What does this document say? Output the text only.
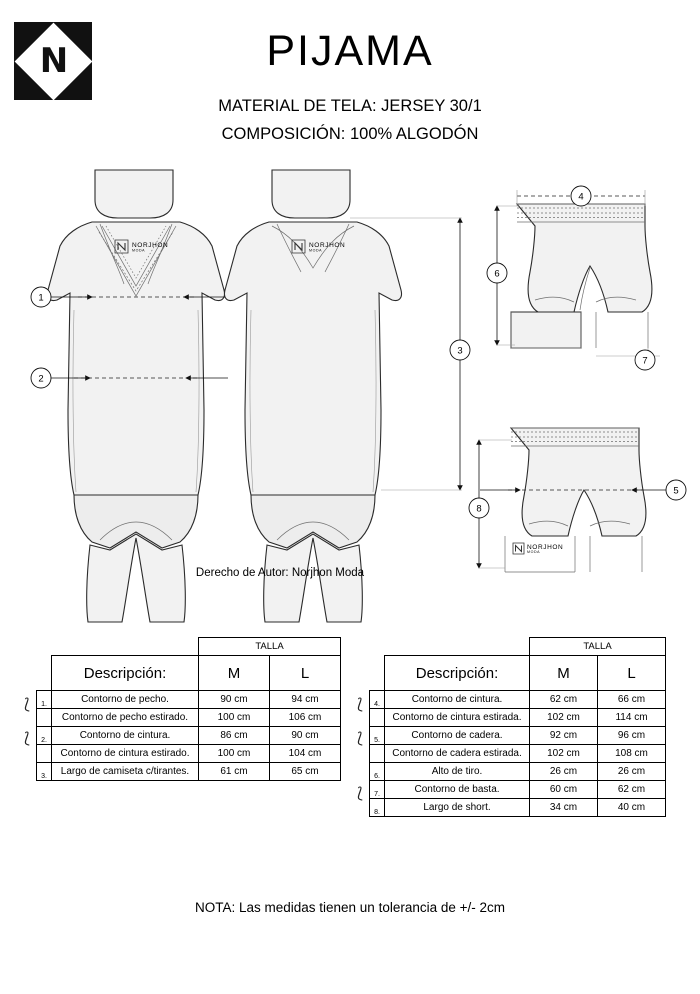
N	PIJAMA
MATERIAL DE TELA: JERSEY 30/1
COMPOSICIÓN: 100% ALGODÓN
NORJHON
MODA
1
2
NORJHON
MODA
3
4
6
7
NORJHON
MODA
5
8
Derecho de Autor: Norjhon Moda
		TALLA	
	Descripción:	M	L
1.	Contorno de pecho.	90 cm	94 cm
	Contorno de pecho estirado.	100 cm	106 cm
2.	Contorno de cintura.	86 cm	90 cm
	Contorno de cintura estirado.	100 cm	104 cm
3.	Largo de camiseta c/tirantes.	61 cm	65 cm
⟅
⟅
		TALLA	
	Descripción:	M	L
4.	Contorno de cintura.	62 cm	66 cm
	Contorno de cintura estirada.	102 cm	114 cm
5.	Contorno de cadera.	92 cm	96 cm
	Contorno de cadera estirada.	102 cm	108 cm
6.	Alto de tiro.	26 cm	26 cm
7.	Contorno de basta.	60 cm	62 cm
8.	Largo de short.	34 cm	40 cm
⟅
⟅
⟅
NOTA: Las medidas tienen un tolerancia de +/- 2cm
